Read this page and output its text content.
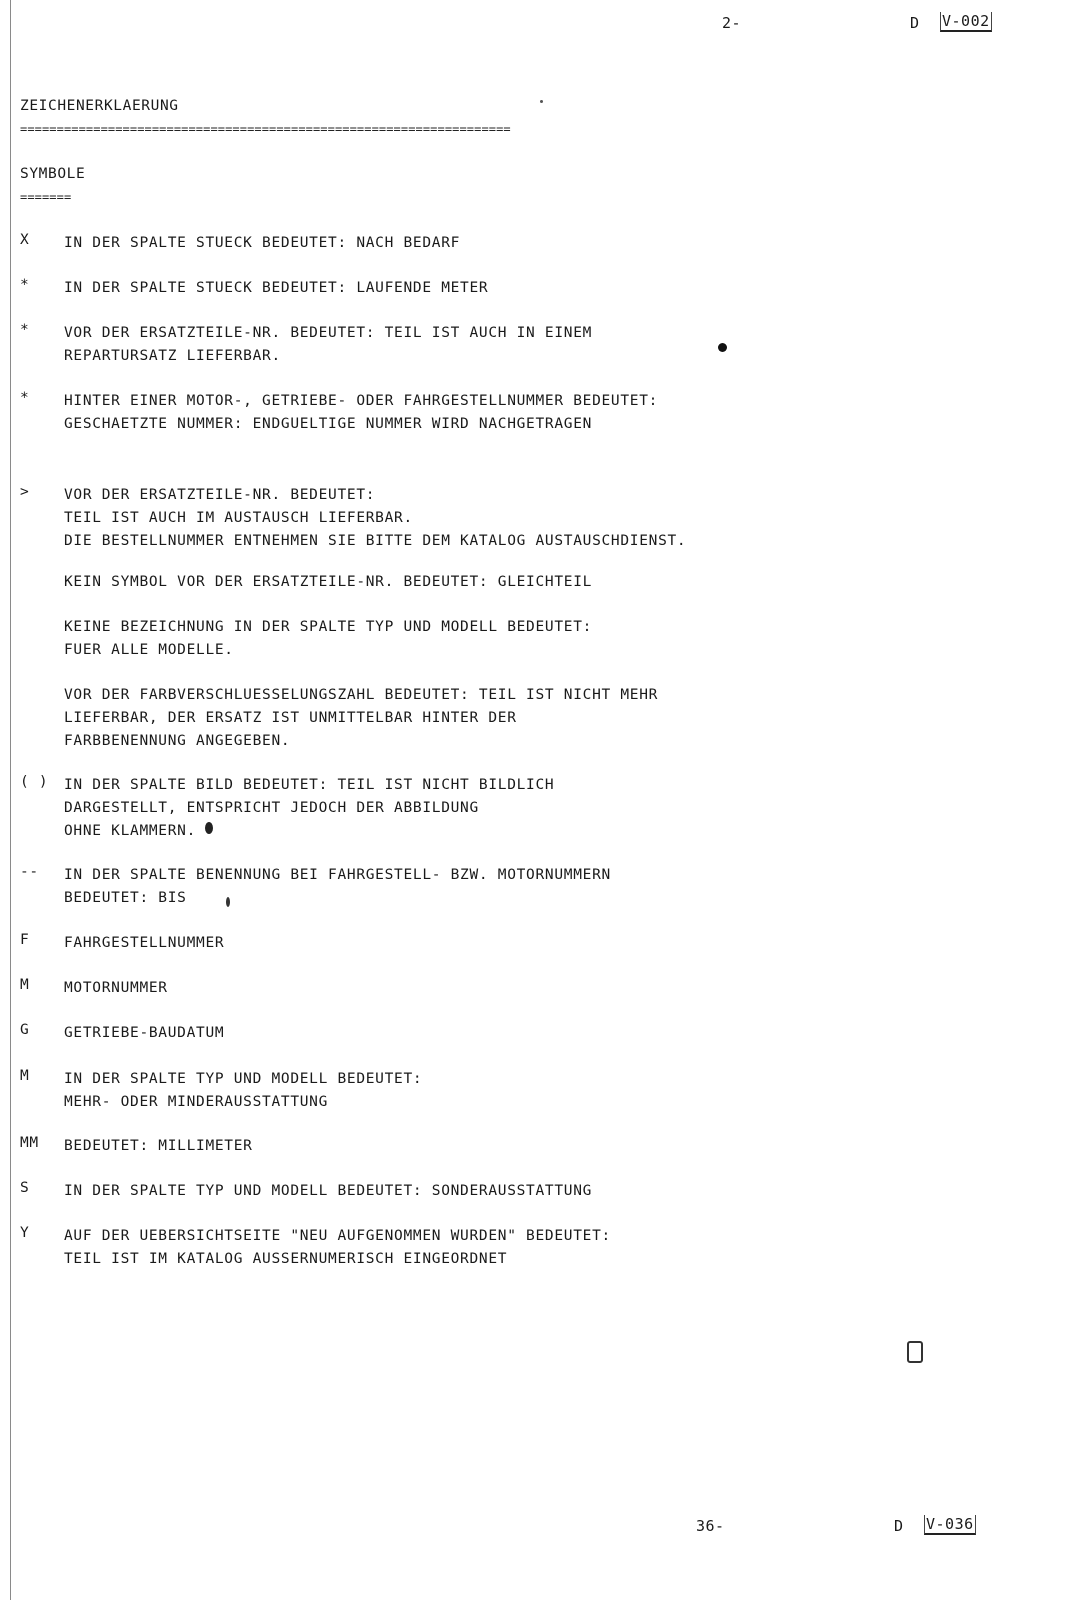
2-	D V-002
ZEICHENERKLAERUNG
===================================================================
SYMBOLE
=======
X	IN DER SPALTE STUECK BEDEUTET: NACH BEDARF
*	IN DER SPALTE STUECK BEDEUTET: LAUFENDE METER
*	VOR DER ERSATZTEILE-NR. BEDEUTET: TEIL IST AUCH IN EINEM
REPARTURSATZ LIEFERBAR.
*	HINTER EINER MOTOR-, GETRIEBE- ODER FAHRGESTELLNUMMER BEDEUTET:
GESCHAETZTE NUMMER: ENDGUELTIGE NUMMER WIRD NACHGETRAGEN
>	VOR DER ERSATZTEILE-NR. BEDEUTET:
TEIL IST AUCH IM AUSTAUSCH LIEFERBAR.
DIE BESTELLNUMMER ENTNEHMEN SIE BITTE DEM KATALOG AUSTAUSCHDIENST.
KEIN SYMBOL VOR DER ERSATZTEILE-NR. BEDEUTET: GLEICHTEIL
KEINE BEZEICHNUNG IN DER SPALTE TYP UND MODELL BEDEUTET:
FUER ALLE MODELLE.
VOR DER FARBVERSCHLUESSELUNGSZAHL BEDEUTET: TEIL IST NICHT MEHR
LIEFERBAR, DER ERSATZ IST UNMITTELBAR HINTER DER
FARBBENENNUNG ANGEGEBEN.
( )	IN DER SPALTE BILD BEDEUTET: TEIL IST NICHT BILDLICH
DARGESTELLT, ENTSPRICHT JEDOCH DER ABBILDUNG
OHNE KLAMMERN.
--	IN DER SPALTE BENENNUNG BEI FAHRGESTELL- BZW. MOTORNUMMERN
BEDEUTET: BIS
F	FAHRGESTELLNUMMER
M	MOTORNUMMER
G	GETRIEBE-BAUDATUM
M	IN DER SPALTE TYP UND MODELL BEDEUTET:
MEHR- ODER MINDERAUSSTATTUNG
MM	BEDEUTET: MILLIMETER
S	IN DER SPALTE TYP UND MODELL BEDEUTET: SONDERAUSSTATTUNG
Y	AUF DER UEBERSICHTSEITE "NEU AUFGENOMMEN WURDEN" BEDEUTET:
TEIL IST IM KATALOG AUSSERNUMERISCH EINGEORDNET
36-	D V-036
